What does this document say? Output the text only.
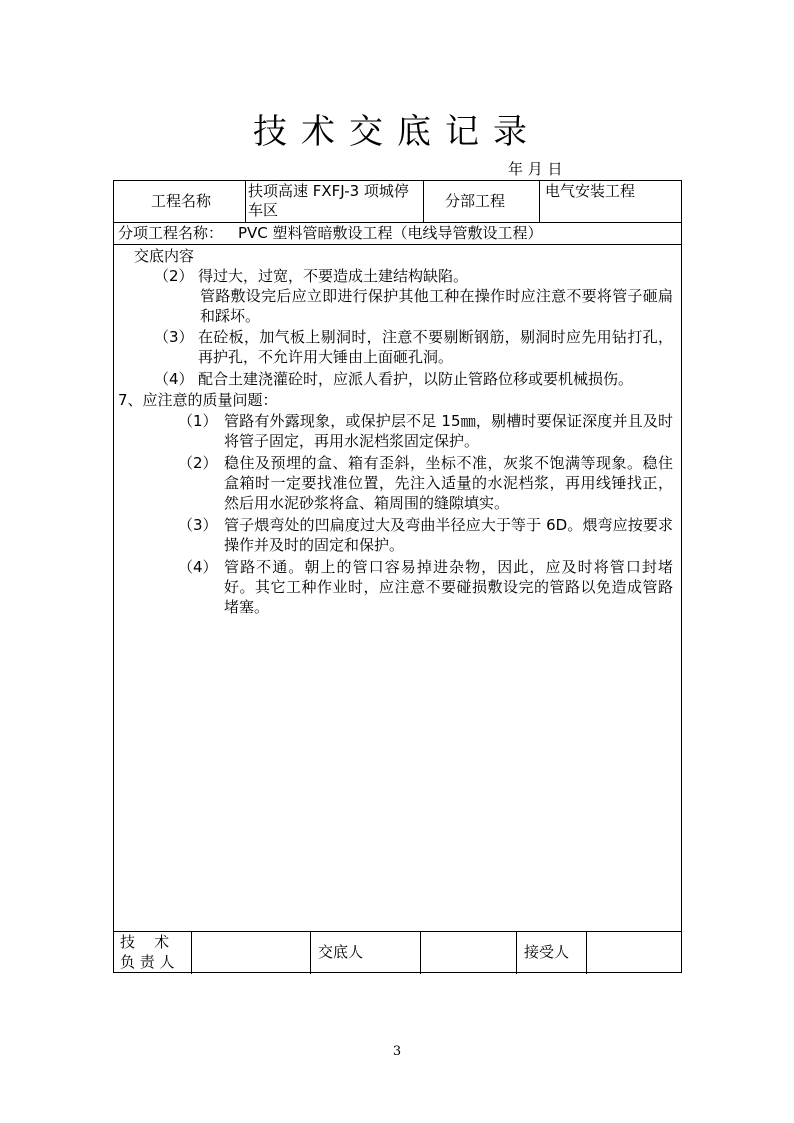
技术交底记录
年 月 日
工程名称
扶项高速 FXFJ-3 项城停车区	分部工程
电气安装工程
分项工程名称： PVC 塑料管暗敷设工程（电线导管敷设工程）
交底内容
（2） 得过大，过宽，不要造成土建结构缺陷。
管路敷设完后应立即进行保护其他工种在操作时应注意不要将管子砸扁和踩坏。
（3） 在砼板，加气板上剔洞时，注意不要剔断钢筋，剔洞时应先用钻打孔，再护孔，不允许用大锤由上面砸孔洞。
（4） 配合土建浇灌砼时，应派人看护，以防止管路位移或要机械损伤。
7、应注意的质量问题：
（1） 管路有外露现象，或保护层不足 15㎜，剔槽时要保证深度并且及时将管子固定，再用水泥档浆固定保护。
（2） 稳住及预埋的盒、箱有歪斜，坐标不准，灰浆不饱满等现象。稳住盒箱时一定要找准位置，先注入适量的水泥档浆，再用线锤找正，然后用水泥砂浆将盒、箱周围的缝隙填实。
（3） 管子煨弯处的凹扁度过大及弯曲半径应大于等于 6D。煨弯应按要求操作并及时的固定和保护。
（4） 管路不通。朝上的管口容易掉进杂物，因此，应及时将管口封堵好。其它工种作业时，应注意不要碰损敷设完的管路以免造成管路堵塞。
技    术
负 责 人
交底人	接受人
3
